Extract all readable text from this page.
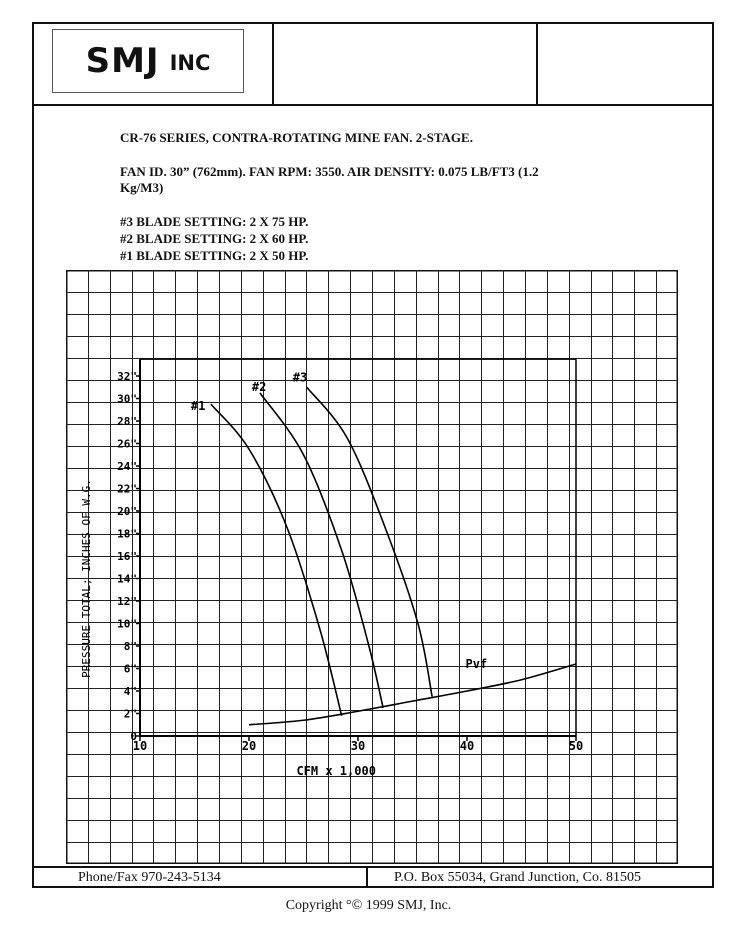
SMJ INC
CR-76 SERIES, CONTRA-ROTATING MINE FAN. 2-STAGE.
FAN ID. 30” (762mm). FAN RPM: 3550. AIR DENSITY: 0.075 LB/FT3 (1.2
Kg/M3)
#3 BLADE SETTING: 2 X 75 HP.
#2 BLADE SETTING: 2 X 60 HP.
#1 BLADE SETTING: 2 X 50 HP.
0
2"
4"
6"
8"
10"
12"
14"
16"
18"
20"
22"
24"
26"
28"
30"
32"
10	20	30	40	50
CFM x 1,000
PRESSURE TOTAL; INCHES OF W.G.
#1
#2
#3
Pvf
Phone/Fax 970-243-5134	P.O. Box 55034, Grand Junction, Co. 81505
Copyright °© 1999 SMJ, Inc.
